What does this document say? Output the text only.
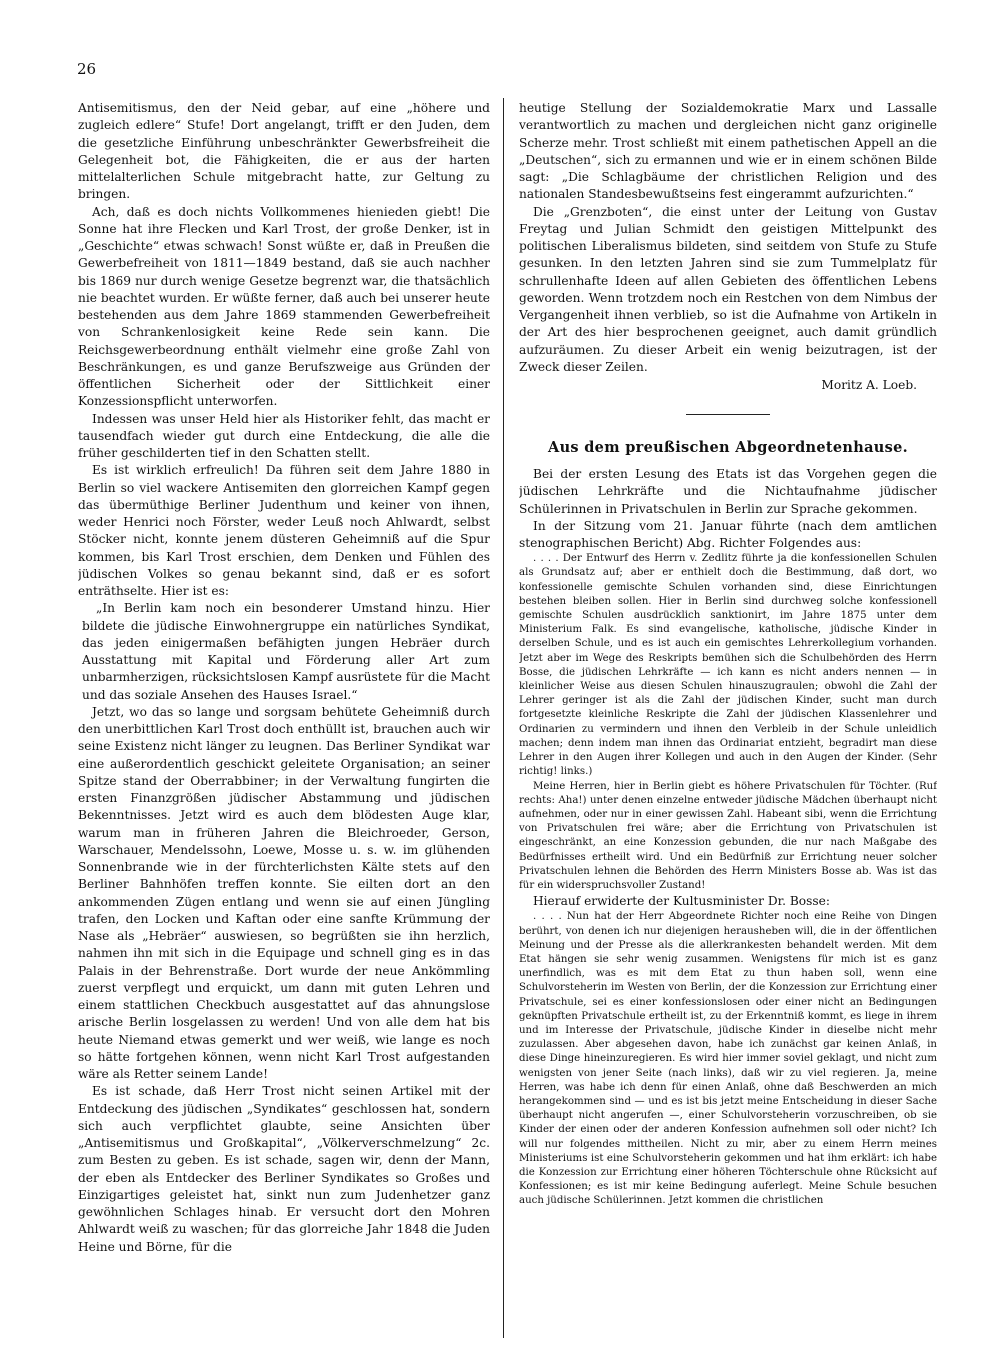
26

Antisemitismus, den der Neid gebar, auf eine „höhere und zugleich edlere“ Stufe! Dort angelangt, trifft er den Juden, dem die gesetzliche Einführung unbeschränkter Gewerbsfreiheit die Gelegenheit bot, die Fähigkeiten, die er aus der harten mittelalterlichen Schule mitgebracht hatte, zur Geltung zu bringen.

Ach, daß es doch nichts Vollkommenes hienieden giebt! Die Sonne hat ihre Flecken und Karl Trost, der große Denker, ist in „Geschichte“ etwas schwach! Sonst wüßte er, daß in Preußen die Gewerbefreiheit von 1811—1849 bestand, daß sie auch nachher bis 1869 nur durch wenige Gesetze begrenzt war, die thatsächlich nie beachtet wurden. Er wüßte ferner, daß auch bei unserer heute bestehenden aus dem Jahre 1869 stammenden Gewerbefreiheit von Schrankenlosigkeit keine Rede sein kann. Die Reichsgewerbeordnung enthält vielmehr eine große Zahl von Beschränkungen, es und ganze Berufszweige aus Gründen der öffentlichen Sicherheit oder der Sittlichkeit einer Konzessionspflicht unterworfen.

Indessen was unser Held hier als Historiker fehlt, das macht er tausendfach wieder gut durch eine Entdeckung, die alle die früher geschilderten tief in den Schatten stellt.

Es ist wirklich erfreulich! Da führen seit dem Jahre 1880 in Berlin so viel wackere Antisemiten den glorreichen Kampf gegen das übermüthige Berliner Judenthum und keiner von ihnen, weder Henrici noch Förster, weder Leuß noch Ahlwardt, selbst Stöcker nicht, konnte jenem düsteren Geheimniß auf die Spur kommen, bis Karl Trost erschien, dem Denken und Fühlen des jüdischen Volkes so genau bekannt sind, daß er es sofort enträthselte. Hier ist es:

„In Berlin kam noch ein besonderer Umstand hinzu. Hier bildete die jüdische Einwohnergruppe ein natürliches Syndikat, das jeden einigermaßen befähigten jungen Hebräer durch Ausstattung mit Kapital und Förderung aller Art zum unbarmherzigen, rücksichtslosen Kampf ausrüstete für die Macht und das soziale Ansehen des Hauses Israel.“

Jetzt, wo das so lange und sorgsam behütete Geheimniß durch den unerbittlichen Karl Trost doch enthüllt ist, brauchen auch wir seine Existenz nicht länger zu leugnen. Das Berliner Syndikat war eine außerordentlich geschickt geleitete Organisation; an seiner Spitze stand der Oberrabbiner; in der Verwaltung fungirten die ersten Finanzgrößen jüdischer Abstammung und jüdischen Bekenntnisses. Jetzt wird es auch dem blödesten Auge klar, warum man in früheren Jahren die Bleichroeder, Gerson, Warschauer, Mendelssohn, Loewe, Mosse u. s. w. im glühenden Sonnenbrande wie in der fürchterlichsten Kälte stets auf den Berliner Bahnhöfen treffen konnte. Sie eilten dort an den ankommenden Zügen entlang und wenn sie auf einen Jüngling trafen, den Locken und Kaftan oder eine sanfte Krümmung der Nase als „Hebräer“ auswiesen, so begrüßten sie ihn herzlich, nahmen ihn mit sich in die Equipage und schnell ging es in das Palais in der Behrenstraße. Dort wurde der neue Ankömmling zuerst verpflegt und erquickt, um dann mit guten Lehren und einem stattlichen Checkbuch ausgestattet auf das ahnungslose arische Berlin losgelassen zu werden! Und von alle dem hat bis heute Niemand etwas gemerkt und wer weiß, wie lange es noch so hätte fortgehen können, wenn nicht Karl Trost aufgestanden wäre als Retter seinem Lande!

Es ist schade, daß Herr Trost nicht seinen Artikel mit der Entdeckung des jüdischen „Syndikates“ geschlossen hat, sondern sich auch verpflichtet glaubte, seine Ansichten über „Antisemitismus und Großkapital“, „Völkerverschmelzung“ 2c. zum Besten zu geben. Es ist schade, sagen wir, denn der Mann, der eben als Entdecker des Berliner Syndikates so Großes und Einzigartiges geleistet hat, sinkt nun zum Judenhetzer ganz gewöhnlichen Schlages hinab. Er versucht dort den Mohren Ahlwardt weiß zu waschen; für das glorreiche Jahr 1848 die Juden Heine und Börne, für die

heutige Stellung der Sozialdemokratie Marx und Lassalle verantwortlich zu machen und dergleichen nicht ganz originelle Scherze mehr. Trost schließt mit einem pathetischen Appell an die „Deutschen“, sich zu ermannen und wie er in einem schönen Bilde sagt: „Die Schlagbäume der christlichen Religion und des nationalen Standesbewußtseins fest eingerammt aufzurichten.“

Die „Grenzboten“, die einst unter der Leitung von Gustav Freytag und Julian Schmidt den geistigen Mittelpunkt des politischen Liberalismus bildeten, sind seitdem von Stufe zu Stufe gesunken. In den letzten Jahren sind sie zum Tummelplatz für schrullenhafte Ideen auf allen Gebieten des öffentlichen Lebens geworden. Wenn trotzdem noch ein Restchen von dem Nimbus der Vergangenheit ihnen verblieb, so ist die Aufnahme von Artikeln in der Art des hier besprochenen geeignet, auch damit gründlich aufzuräumen. Zu dieser Arbeit ein wenig beizutragen, ist der Zweck dieser Zeilen.

Moritz A. Loeb.
Aus dem preußischen Abgeordnetenhause.

Bei der ersten Lesung des Etats ist das Vorgehen gegen die jüdischen Lehrkräfte und die Nichtaufnahme jüdischer Schülerinnen in Privatschulen in Berlin zur Sprache gekommen.

In der Sitzung vom 21. Januar führte (nach dem amtlichen stenographischen Bericht) Abg. Richter Folgendes aus:

. . . . Der Entwurf des Herrn v. Zedlitz führte ja die konfessionellen Schulen als Grundsatz auf; aber er enthielt doch die Bestimmung, daß dort, wo konfessionelle gemischte Schulen vorhanden sind, diese Einrichtungen bestehen bleiben sollen. Hier in Berlin sind durchweg solche konfessionell gemischte Schulen ausdrücklich sanktionirt, im Jahre 1875 unter dem Ministerium Falk. Es sind evangelische, katholische, jüdische Kinder in derselben Schule, und es ist auch ein gemischtes Lehrerkollegium vorhanden. Jetzt aber im Wege des Reskripts bemühen sich die Schulbehörden des Herrn Bosse, die jüdischen Lehrkräfte — ich kann es nicht anders nennen — in kleinlicher Weise aus diesen Schulen hinauszugraulen; obwohl die Zahl der Lehrer geringer ist als die Zahl der jüdischen Kinder, sucht man durch fortgesetzte kleinliche Reskripte die Zahl der jüdischen Klassenlehrer und Ordinarien zu vermindern und ihnen den Verbleib in der Schule unleidlich machen; denn indem man ihnen das Ordinariat entzieht, begradirt man diese Lehrer in den Augen ihrer Kollegen und auch in den Augen der Kinder. (Sehr richtig! links.)

Meine Herren, hier in Berlin giebt es höhere Privatschulen für Töchter. (Ruf rechts: Aha!) unter denen einzelne entweder jüdische Mädchen überhaupt nicht aufnehmen, oder nur in einer gewissen Zahl. Habeant sibi, wenn die Errichtung von Privatschulen frei wäre; aber die Errichtung von Privatschulen ist eingeschränkt, an eine Konzession gebunden, die nur nach Maßgabe des Bedürfnisses ertheilt wird. Und ein Bedürfniß zur Errichtung neuer solcher Privatschulen lehnen die Behörden des Herrn Ministers Bosse ab. Was ist das für ein widerspruchsvoller Zustand!

Hierauf erwiderte der Kultusminister Dr. Bosse:

. . . . Nun hat der Herr Abgeordnete Richter noch eine Reihe von Dingen berührt, von denen ich nur diejenigen herausheben will, die in der öffentlichen Meinung und der Presse als die allerkrankesten behandelt werden. Mit dem Etat hängen sie sehr wenig zusammen. Wenigstens für mich ist es ganz unerfindlich, was es mit dem Etat zu thun haben soll, wenn eine Schulvorsteherin im Westen von Berlin, der die Konzession zur Errichtung einer Privatschule, sei es einer konfessionslosen oder einer nicht an Bedingungen geknüpften Privatschule ertheilt ist, zu der Erkenntniß kommt, es liege in ihrem und im Interesse der Privatschule, jüdische Kinder in dieselbe nicht mehr zuzulassen. Aber abgesehen davon, habe ich zunächst gar keinen Anlaß, in diese Dinge hineinzuregieren. Es wird hier immer soviel geklagt, und nicht zum wenigsten von jener Seite (nach links), daß wir zu viel regieren. Ja, meine Herren, was habe ich denn für einen Anlaß, ohne daß Beschwerden an mich herangekommen sind — und es ist bis jetzt meine Entscheidung in dieser Sache überhaupt nicht angerufen —, einer Schulvorsteherin vorzuschreiben, ob sie Kinder der einen oder der anderen Konfession aufnehmen soll oder nicht? Ich will nur folgendes mittheilen. Nicht zu mir, aber zu einem Herrn meines Ministeriums ist eine Schulvorsteherin gekommen und hat ihm erklärt: ich habe die Konzession zur Errichtung einer höheren Töchterschule ohne Rücksicht auf Konfessionen; es ist mir keine Bedingung auferlegt. Meine Schule besuchen auch jüdische Schülerinnen. Jetzt kommen die christlichen
